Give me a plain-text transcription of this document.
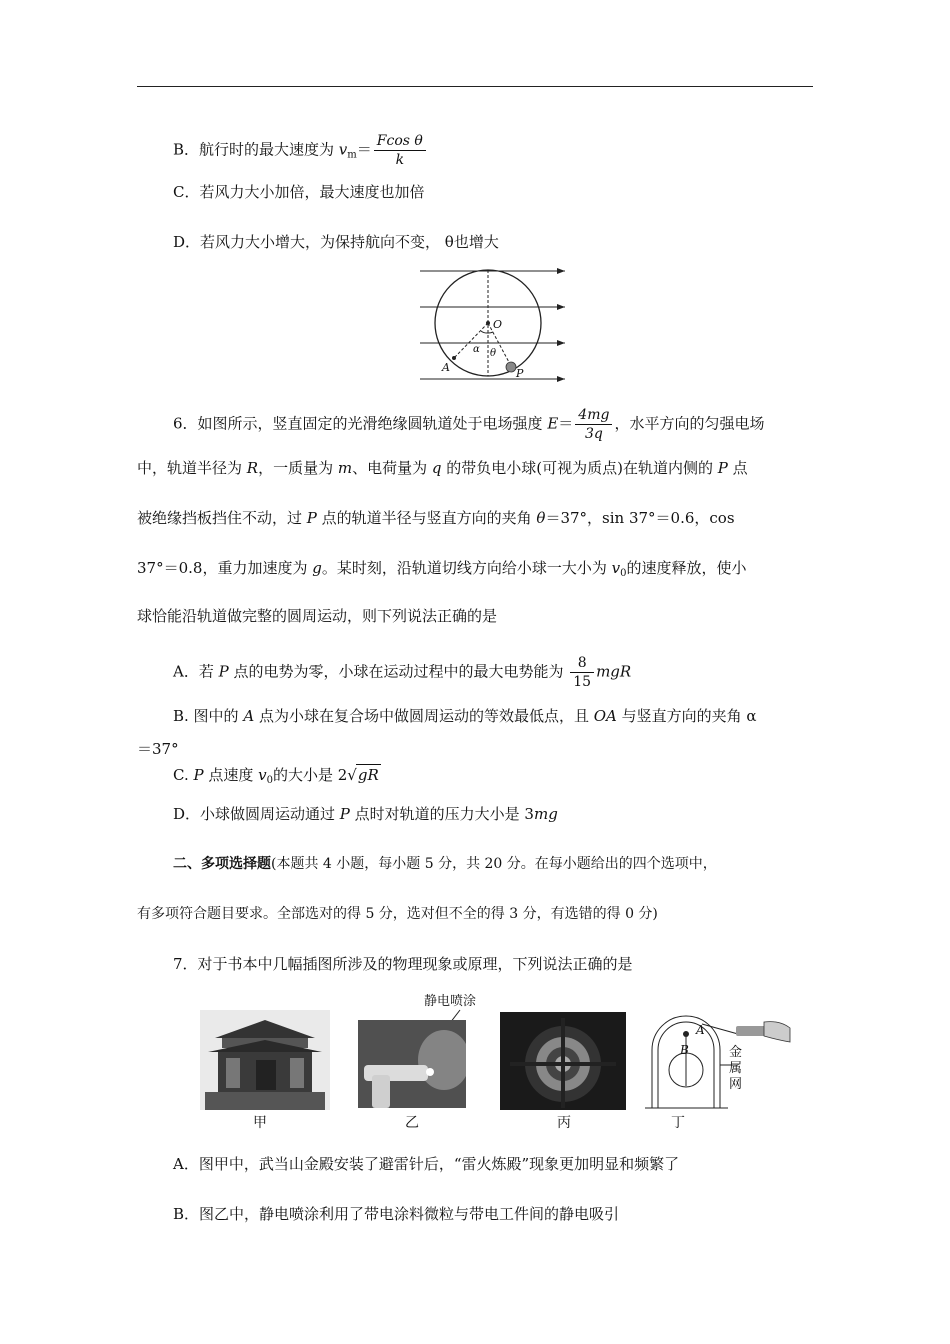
B．航行时的最大速度为 $v_m= \frac{\text{Fcos θ}}{k}$
C．若风力大小加倍，最大速度也加倍
D．若风力大小增大，为保持航向不变， θ也增大
O
α θ
A	P
6．如图所示，竖直固定的光滑绝缘圆轨道处于电场强度 $E= \frac{4mg}{3q}$ ，水平方向的匀强电场
中，轨道半径为 R，一质量为 m、电荷量为 q 的带负电小球(可视为质点)在轨道内侧的 P 点
被绝缘挡板挡住不动，过 P 点的轨道半径与竖直方向的夹角 θ＝37°，sin 37°＝0.6，cos
37°＝0.8，重力加速度为 g。某时刻，沿轨道切线方向给小球一大小为 $v_0$的速度释放，使小
球恰能沿轨道做完整的圆周运动，则下列说法正确的是
A．若 P 点的电势为零，小球在运动过程中的最大电势能为 $\frac{8}{15}$ mgR
B. 图中的 A 点为小球在复合场中做圆周运动的等效最低点，且 OA 与竖直方向的夹角 α
＝37°
C. P 点速度 $v_0$的大小是 2√gR
D．小球做圆周运动通过 P 点时对轨道的压力大小是 3mg
二、多项选择题(本题共 4 小题，每小题 5 分，共 20 分。在每小题给出的四个选项中，
有多项符合题目要求。全部选对的得 5 分，选对但不全的得 3 分，有选错的得 0 分)
7．对于书本中几幅插图所涉及的物理现象或原理，下列说法正确的是
静电喷涂
A
B	金
属
网
甲	乙	丙	丁
A．图甲中，武当山金殿安装了避雷针后，“雷火炼殿”现象更加明显和频繁了
B．图乙中，静电喷涂利用了带电涂料微粒与带电工件间的静电吸引
